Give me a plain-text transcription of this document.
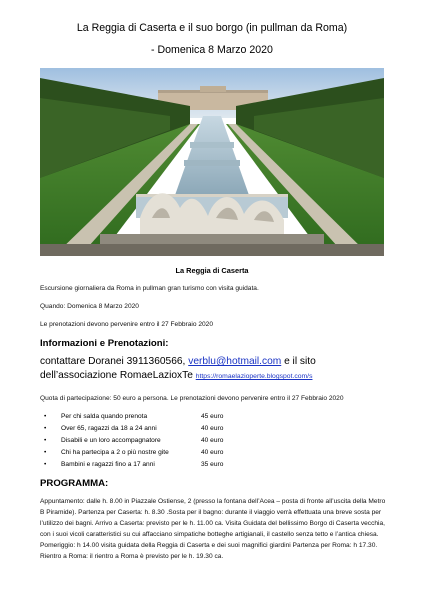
La Reggia di Caserta e il suo borgo (in pullman da Roma)
- Domenica 8 Marzo 2020
La Reggia di Caserta
Escursione giornaliera da Roma in pullman gran turismo con visita guidata.
Quando: Domenica 8 Marzo 2020
Le prenotazioni devono pervenire entro il 27 Febbraio 2020
Informazioni e Prenotazioni:
contattare Doranei 3911360566, verblu@hotmail.com e il sito dell’associazione RomaeLazioxTe https://romaelazioperte.blogspot.com/s
Quota di partecipazione: 50 euro a persona. Le prenotazioni devono pervenire entro il 27 Febbraio 2020
• Per chi salda quando prenota	45 euro
• Over 65, ragazzi da 18 a 24 anni	40 euro
• Disabili e un loro accompagnatore	40 euro
• Chi ha partecipa a 2 o più nostre gite	40 euro
• Bambini e ragazzi fino a 17 anni	35 euro
PROGRAMMA:
Appuntamento: dalle h. 8.00 in Piazzale Ostiense, 2 (presso la fontana dell’Acea – posta di fronte all’uscita della Metro B Piramide). Partenza per Caserta: h. 8.30 .Sosta per il bagno: durante il viaggio verrà effettuata una breve sosta per l’utilizzo dei bagni. Arrivo a Caserta: previsto per le h. 11.00 ca. Visita Guidata del bellissimo Borgo di Caserta vecchia, con i suoi vicoli caratteristici su cui affacciano simpatiche botteghe artigianali, il castello senza tetto e l’antica chiesa. Pomeriggio: h 14.00 visita guidata della Reggia di Caserta e dei suoi magnifici giardini Partenza per Roma: h 17.30. Rientro a Roma: il rientro a Roma è previsto per le h. 19.30 ca.
